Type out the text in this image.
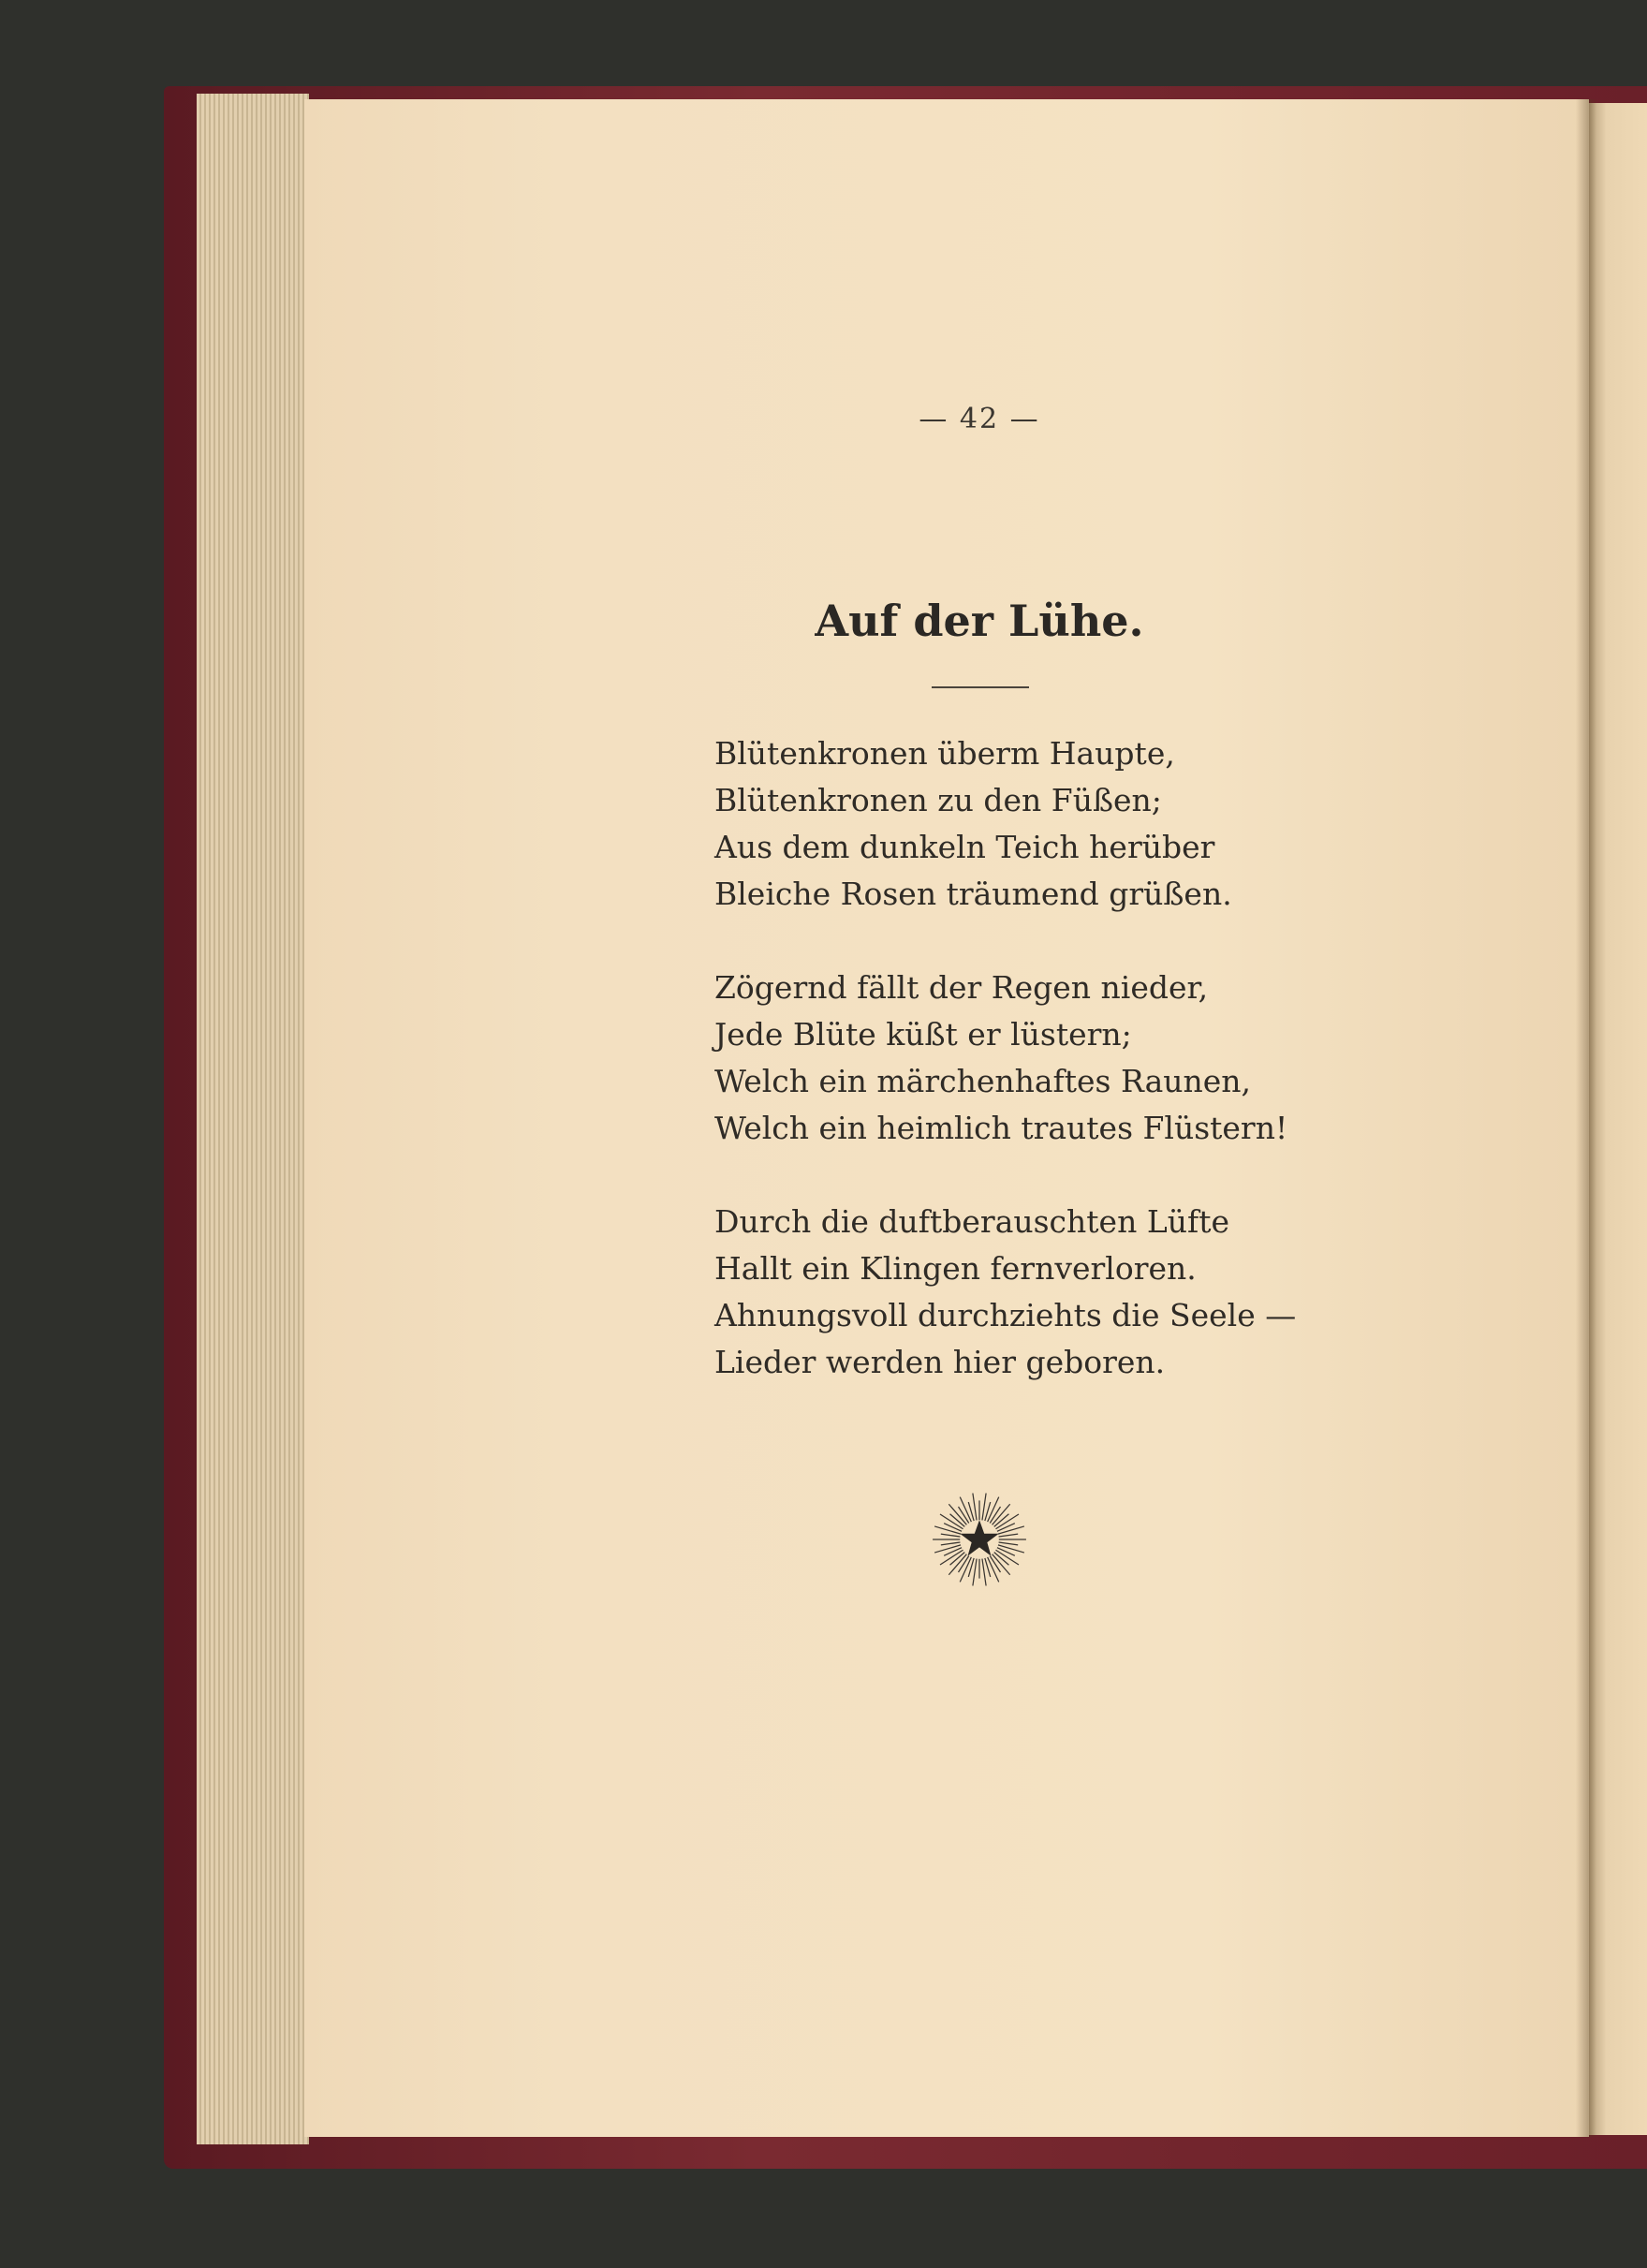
— 42 —
Auf der Lühe.
Blütenkronen überm Haupte,
Blütenkronen zu den Füßen;
Aus dem dunkeln Teich herüber
Bleiche Rosen träumend grüßen.
Zögernd fällt der Regen nieder,
Jede Blüte küßt er lüstern;
Welch ein märchenhaftes Raunen,
Welch ein heimlich trautes Flüstern!
Durch die duftberauschten Lüfte
Hallt ein Klingen fernverloren.
Ahnungsvoll durchziehts die Seele —
Lieder werden hier geboren.
